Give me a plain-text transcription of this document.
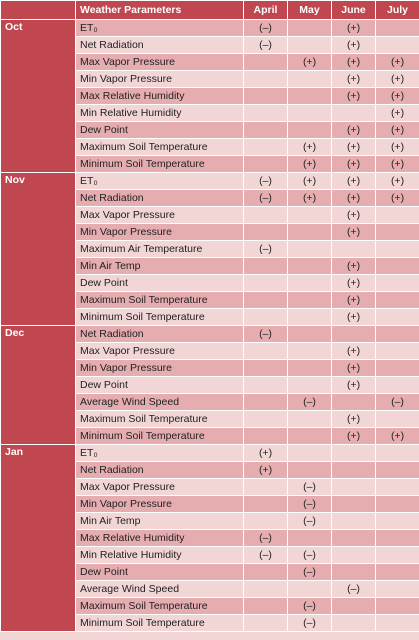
	Weather Parameters	April	May	June	July
Oct	ET₀	(–)		(+)	
	Net Radiation	(–)		(+)	
	Max Vapor Pressure		(+)	(+)	(+)
	Min Vapor Pressure			(+)	(+)
	Max Relative Humidity			(+)	(+)
	Min Relative Humidity				(+)
	Dew Point			(+)	(+)
	Maximum Soil Temperature		(+)	(+)	(+)
	Minimum Soil Temperature		(+)	(+)	(+)
Nov	ET₀	(–)	(+)	(+)	(+)
	Net Radiation	(–)	(+)	(+)	(+)
	Max Vapor Pressure			(+)	
	Min Vapor Pressure			(+)	
	Maximum Air Temperature	(–)			
	Min Air Temp			(+)	
	Dew Point			(+)	
	Maximum Soil Temperature			(+)	
	Minimum Soil Temperature			(+)	
Dec	Net Radiation	(–)			
	Max Vapor Pressure			(+)	
	Min Vapor Pressure			(+)	
	Dew Point			(+)	
	Average Wind Speed		(–)		(–)
	Maximum Soil Temperature			(+)	
	Minimum Soil Temperature			(+)	(+)
Jan	ET₀	(+)			
	Net Radiation	(+)			
	Max Vapor Pressure		(–)		
	Min Vapor Pressure		(–)		
	Min Air Temp		(–)		
	Max Relative Humidity	(–)			
	Min Relative Humidity	(–)	(–)		
	Dew Point		(–)		
	Average Wind Speed			(–)	
	Maximum Soil Temperature		(–)		
	Minimum Soil Temperature		(–)		
